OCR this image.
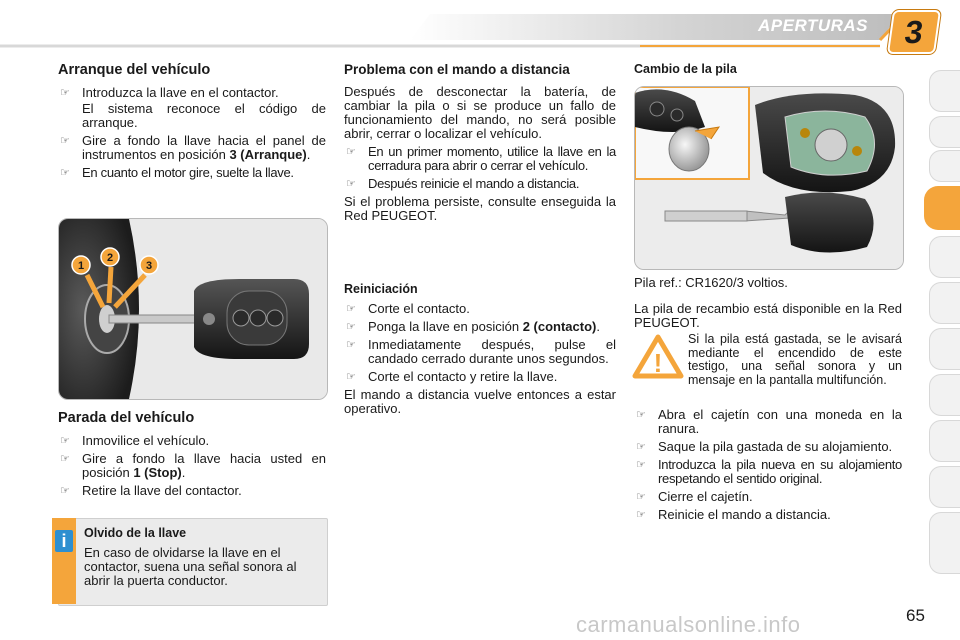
APERTURAS	3
Arranque del vehículo
☞ Introduzca la llave en el contactor.
El sistema reconoce el código de arranque.
☞ Gire a fondo la llave hacia el panel de instrumentos en posición 3 (Arranque).
☞ En cuanto el motor gire, suelte la llave.
1
2
3
Parada del vehículo
☞ Inmovilice el vehículo.
☞ Gire a fondo la llave hacia usted en posición 1 (Stop).
☞ Retire la llave del contactor.
i	Olvido de la llave

En caso de olvidarse la llave en el contactor, suena una señal sonora al abrir la puerta conductor.

Problema con el mando a distancia

Después de desconectar la batería, de cambiar la pila o si se produce un fallo de funcionamiento del mando, no será posible abrir, cerrar o localizar el vehículo.

☞ En un primer momento, utilice la llave en la cerradura para abrir o cerrar el vehículo.
☞ Después reinicie el mando a distancia.

Si el problema persiste, consulte enseguida la Red PEUGEOT.

Reiniciación
☞ Corte el contacto.
☞ Ponga la llave en posición 2 (contacto).
☞ Inmediatamente después, pulse el candado cerrado durante unos segundos.
☞ Corte el contacto y retire la llave.

El mando a distancia vuelve entonces a estar operativo.

Cambio de la pila

Pila ref.: CR1620/3 voltios.

La pila de recambio está disponible en la Red PEUGEOT.

!

Si la pila está gastada, se le avisará mediante el encendido de este testigo, una señal sonora y un mensaje en la pantalla multifunción.

☞ Abra el cajetín con una moneda en la ranura.
☞ Saque la pila gastada de su alojamiento.
☞ Introduzca la pila nueva en su alojamiento respetando el sentido original.
☞ Cierre el cajetín.
☞ Reinicie el mando a distancia.
carmanualsonline.info	65
